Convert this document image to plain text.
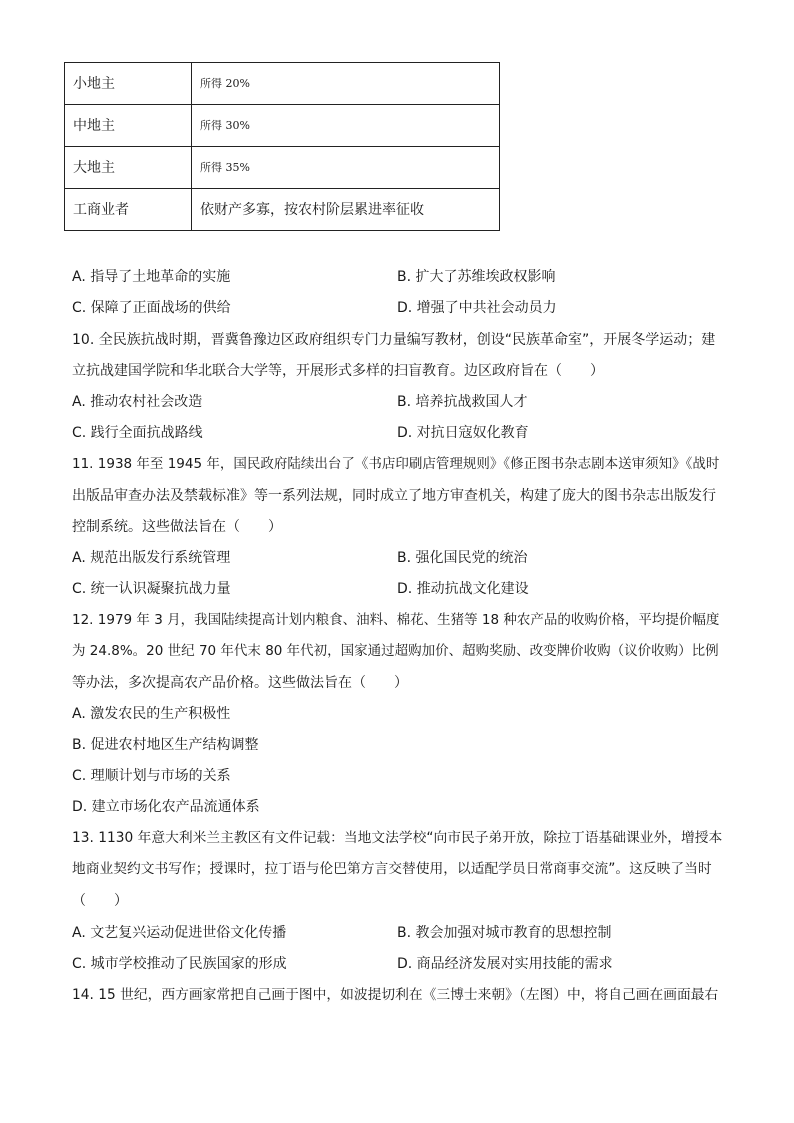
小地主	所得 20%
中地主	所得 30%
大地主	所得 35%
工商业者	依财产多寡，按农村阶层累进率征收
A. 指导了土地革命的实施	B. 扩大了苏维埃政权影响
C. 保障了正面战场的供给	D. 增强了中共社会动员力
10. 全民族抗战时期，晋冀鲁豫边区政府组织专门力量编写教材，创设“民族革命室”，开展冬学运动；建
立抗战建国学院和华北联合大学等，开展形式多样的扫盲教育。边区政府旨在（　　）
A. 推动农村社会改造	B. 培养抗战救国人才
C. 践行全面抗战路线	D. 对抗日寇奴化教育
11. 1938 年至 1945 年，国民政府陆续出台了《书店印刷店管理规则》《修正图书杂志剧本送审须知》《战时
出版品审查办法及禁载标准》等一系列法规，同时成立了地方审查机关，构建了庞大的图书杂志出版发行
控制系统。这些做法旨在（　　）
A. 规范出版发行系统管理	B. 强化国民党的统治
C. 统一认识凝聚抗战力量	D. 推动抗战文化建设
12. 1979 年 3 月，我国陆续提高计划内粮食、油料、棉花、生猪等 18 种农产品的收购价格，平均提价幅度
为 24.8%。20 世纪 70 年代末 80 年代初，国家通过超购加价、超购奖励、改变牌价收购（议价收购）比例
等办法，多次提高农产品价格。这些做法旨在（　　）
A. 激发农民的生产积极性
B. 促进农村地区生产结构调整
C. 理顺计划与市场的关系
D. 建立市场化农产品流通体系
13. 1130 年意大利米兰主教区有文件记载：当地文法学校“向市民子弟开放，除拉丁语基础课业外，增授本
地商业契约文书写作；授课时，拉丁语与伦巴第方言交替使用，以适配学员日常商事交流”。这反映了当时
（　　）
A. 文艺复兴运动促进世俗文化传播	B. 教会加强对城市教育的思想控制
C. 城市学校推动了民族国家的形成	D. 商品经济发展对实用技能的需求
14. 15 世纪，西方画家常把自己画于图中，如波提切利在《三博士来朝》（左图）中，将自己画在画面最右
